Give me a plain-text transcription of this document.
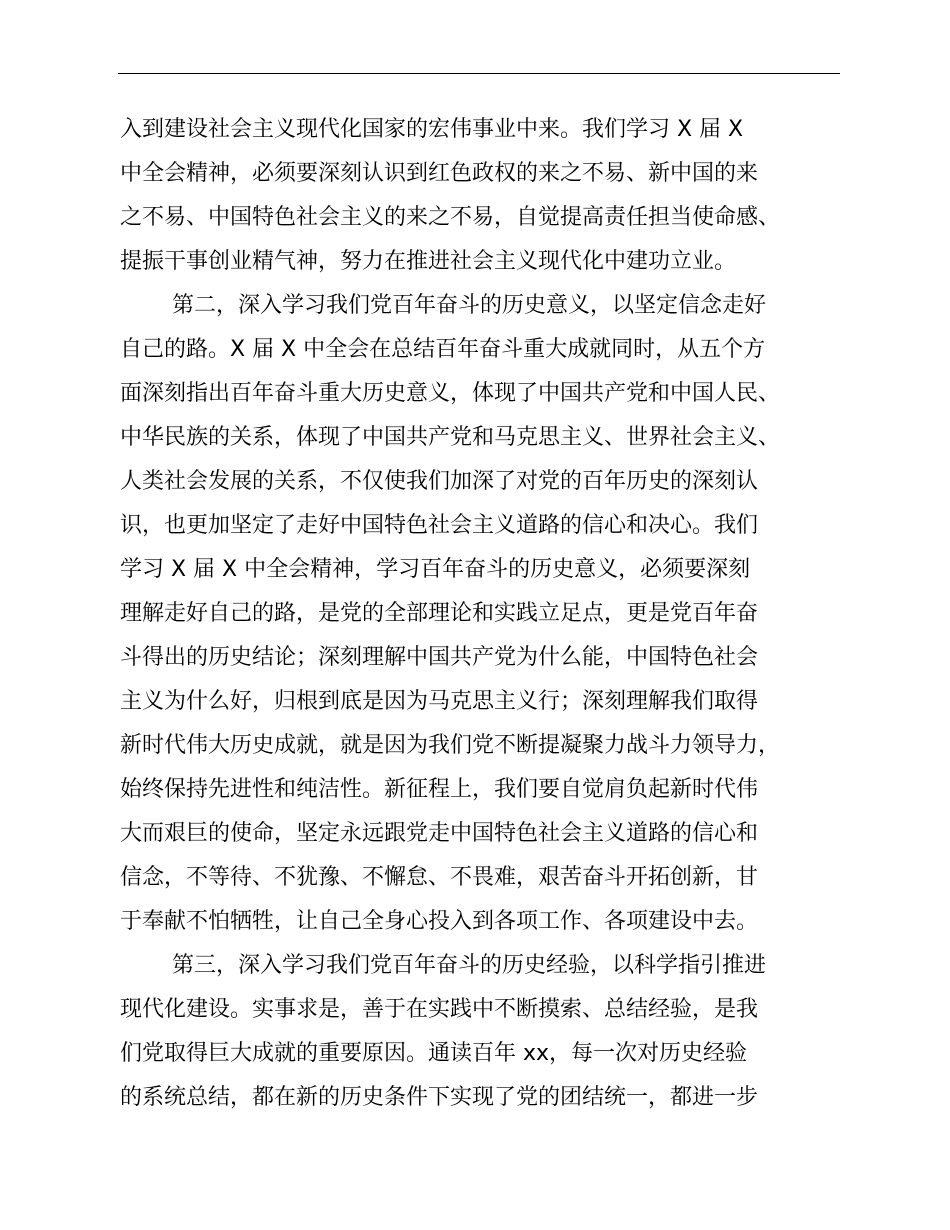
入到建设社会主义现代化国家的宏伟事业中来。我们学习 X 届 X
中全会精神，必须要深刻认识到红色政权的来之不易、新中国的来
之不易、中国特色社会主义的来之不易，自觉提高责任担当使命感、
提振干事创业精气神，努力在推进社会主义现代化中建功立业。
第二，深入学习我们党百年奋斗的历史意义，以坚定信念走好
自己的路。X 届 X 中全会在总结百年奋斗重大成就同时，从五个方
面深刻指出百年奋斗重大历史意义，体现了中国共产党和中国人民、
中华民族的关系，体现了中国共产党和马克思主义、世界社会主义、
人类社会发展的关系，不仅使我们加深了对党的百年历史的深刻认
识，也更加坚定了走好中国特色社会主义道路的信心和决心。我们
学习 X 届 X 中全会精神，学习百年奋斗的历史意义，必须要深刻
理解走好自己的路，是党的全部理论和实践立足点，更是党百年奋
斗得出的历史结论；深刻理解中国共产党为什么能，中国特色社会
主义为什么好，归根到底是因为马克思主义行；深刻理解我们取得
新时代伟大历史成就，就是因为我们党不断提凝聚力战斗力领导力，
始终保持先进性和纯洁性。新征程上，我们要自觉肩负起新时代伟
大而艰巨的使命，坚定永远跟党走中国特色社会主义道路的信心和
信念，不等待、不犹豫、不懈怠、不畏难，艰苦奋斗开拓创新，甘
于奉献不怕牺牲，让自己全身心投入到各项工作、各项建设中去。
第三，深入学习我们党百年奋斗的历史经验，以科学指引推进
现代化建设。实事求是，善于在实践中不断摸索、总结经验，是我
们党取得巨大成就的重要原因。通读百年 xx，每一次对历史经验
的系统总结，都在新的历史条件下实现了党的团结统一，都进一步
